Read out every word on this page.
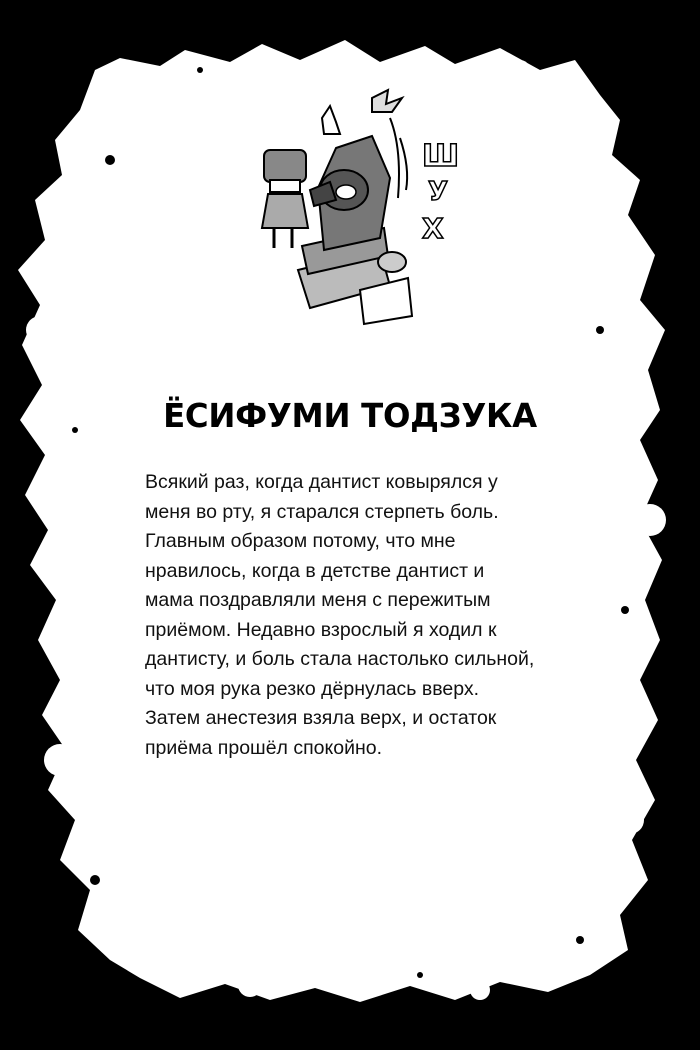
Ш
У
Х
ЁСИФУМИ ТОДЗУКА
Всякий раз, когда дантист ковырялся у
меня во рту, я старался стерпеть боль.
Главным образом потому, что мне
нравилось, когда в детстве дантист и
мама поздравляли меня с пережитым
приёмом. Недавно взрослый я ходил к
дантисту, и боль стала настолько сильной,
что моя рука резко дёрнулась вверх.
Затем анестезия взяла верх, и остаток
приёма прошёл спокойно.
